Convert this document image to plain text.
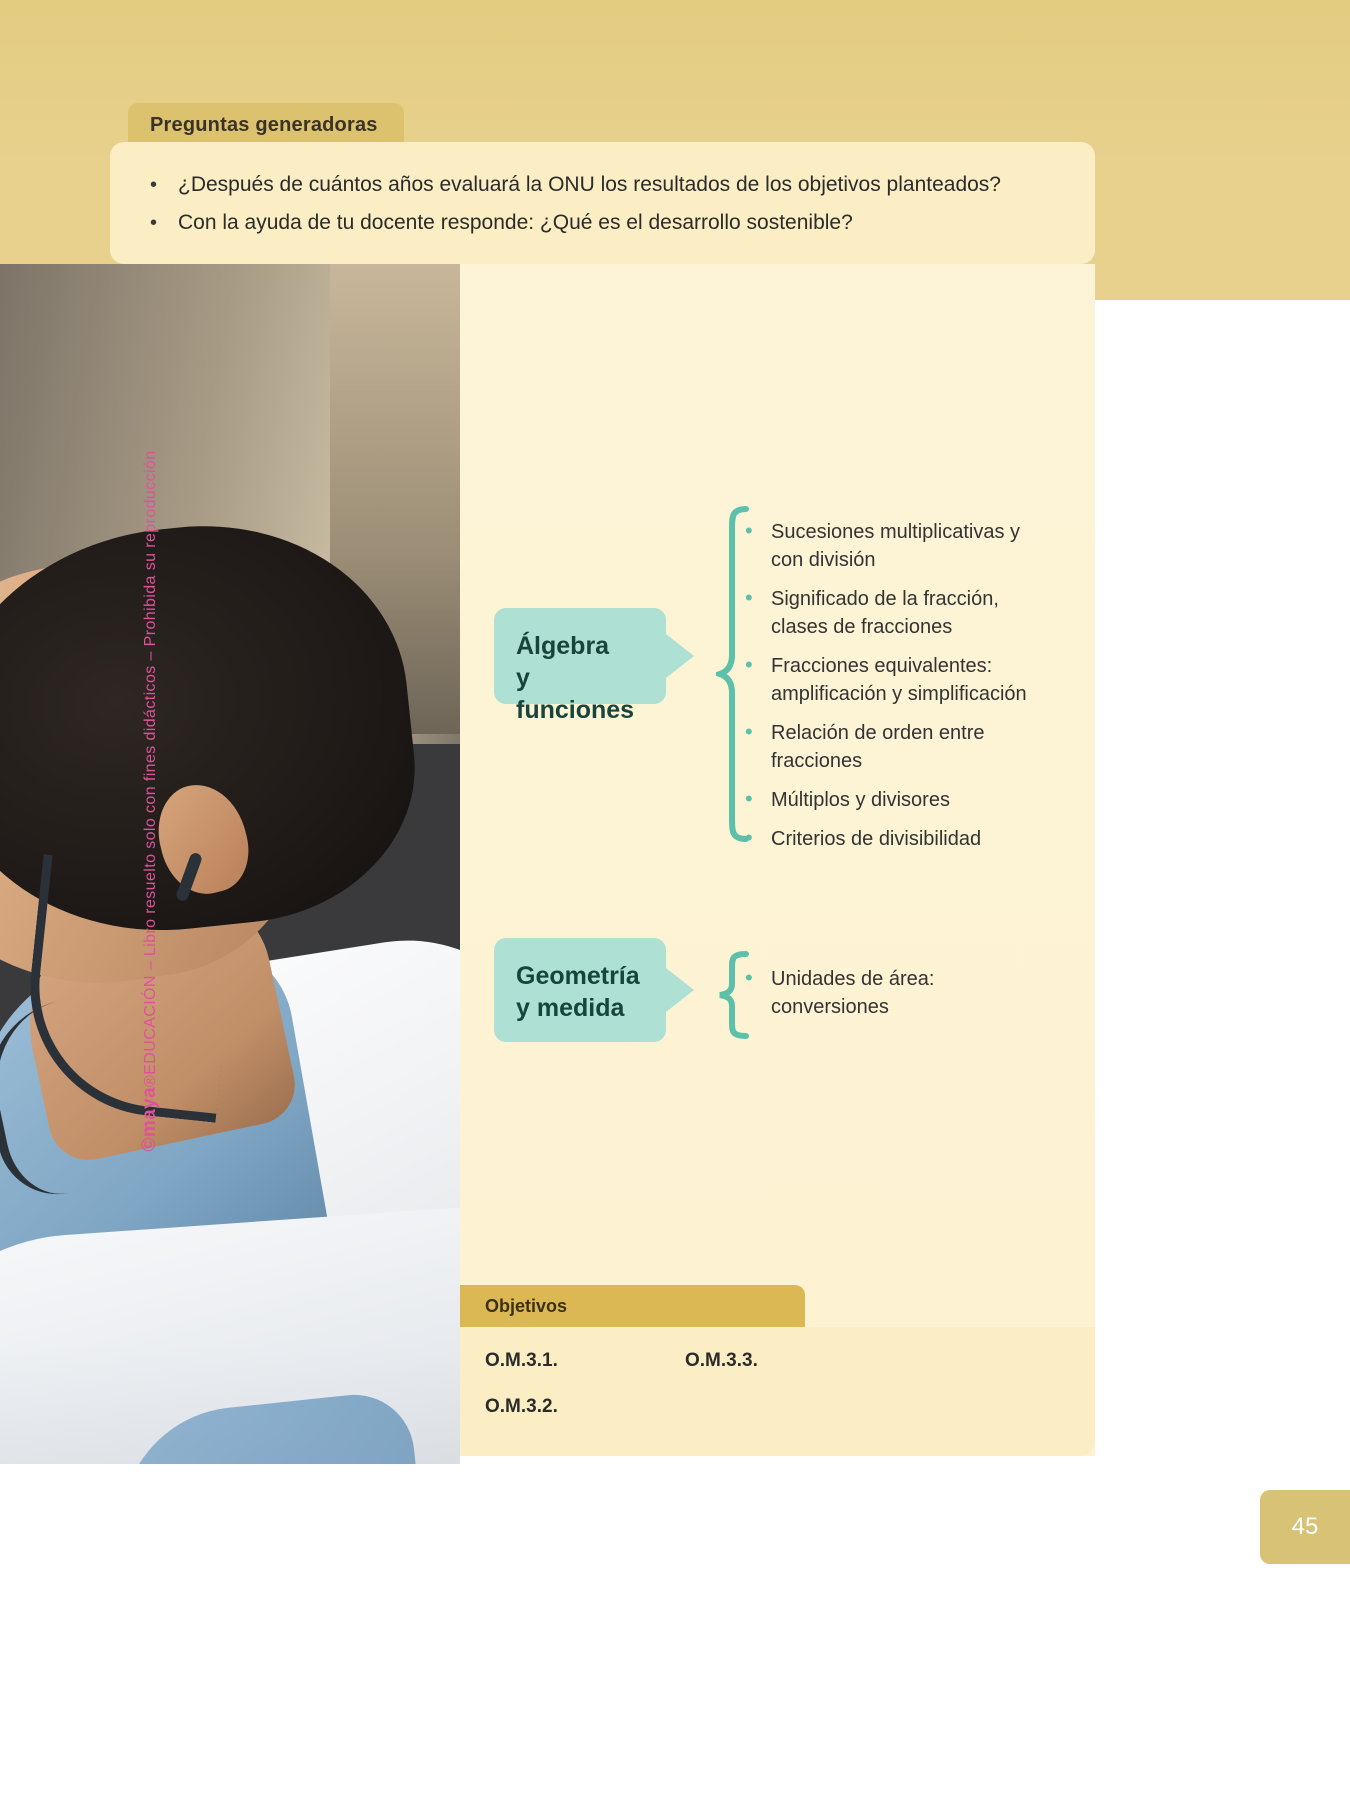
©maya®EDUCACIÓN – Libro resuelto solo con fines didácticos – Prohibida su reproducción
Preguntas generadoras
• ¿Después de cuántos años evaluará la ONU los resultados de los objetivos planteados?
• Con la ayuda de tu docente responde: ¿Qué es el desarrollo sostenible?
Álgebra
y funciones
• Sucesiones multiplicativas y con división
• Significado de la fracción, clases de fracciones
• Fracciones equivalentes: amplificación y simplificación
• Relación de orden entre fracciones
• Múltiplos y divisores
• Criterios de divisibilidad
Geometría
y medida
• Unidades de área: conversiones
Objetivos
O.M.3.1.	O.M.3.3.
O.M.3.2.
45
